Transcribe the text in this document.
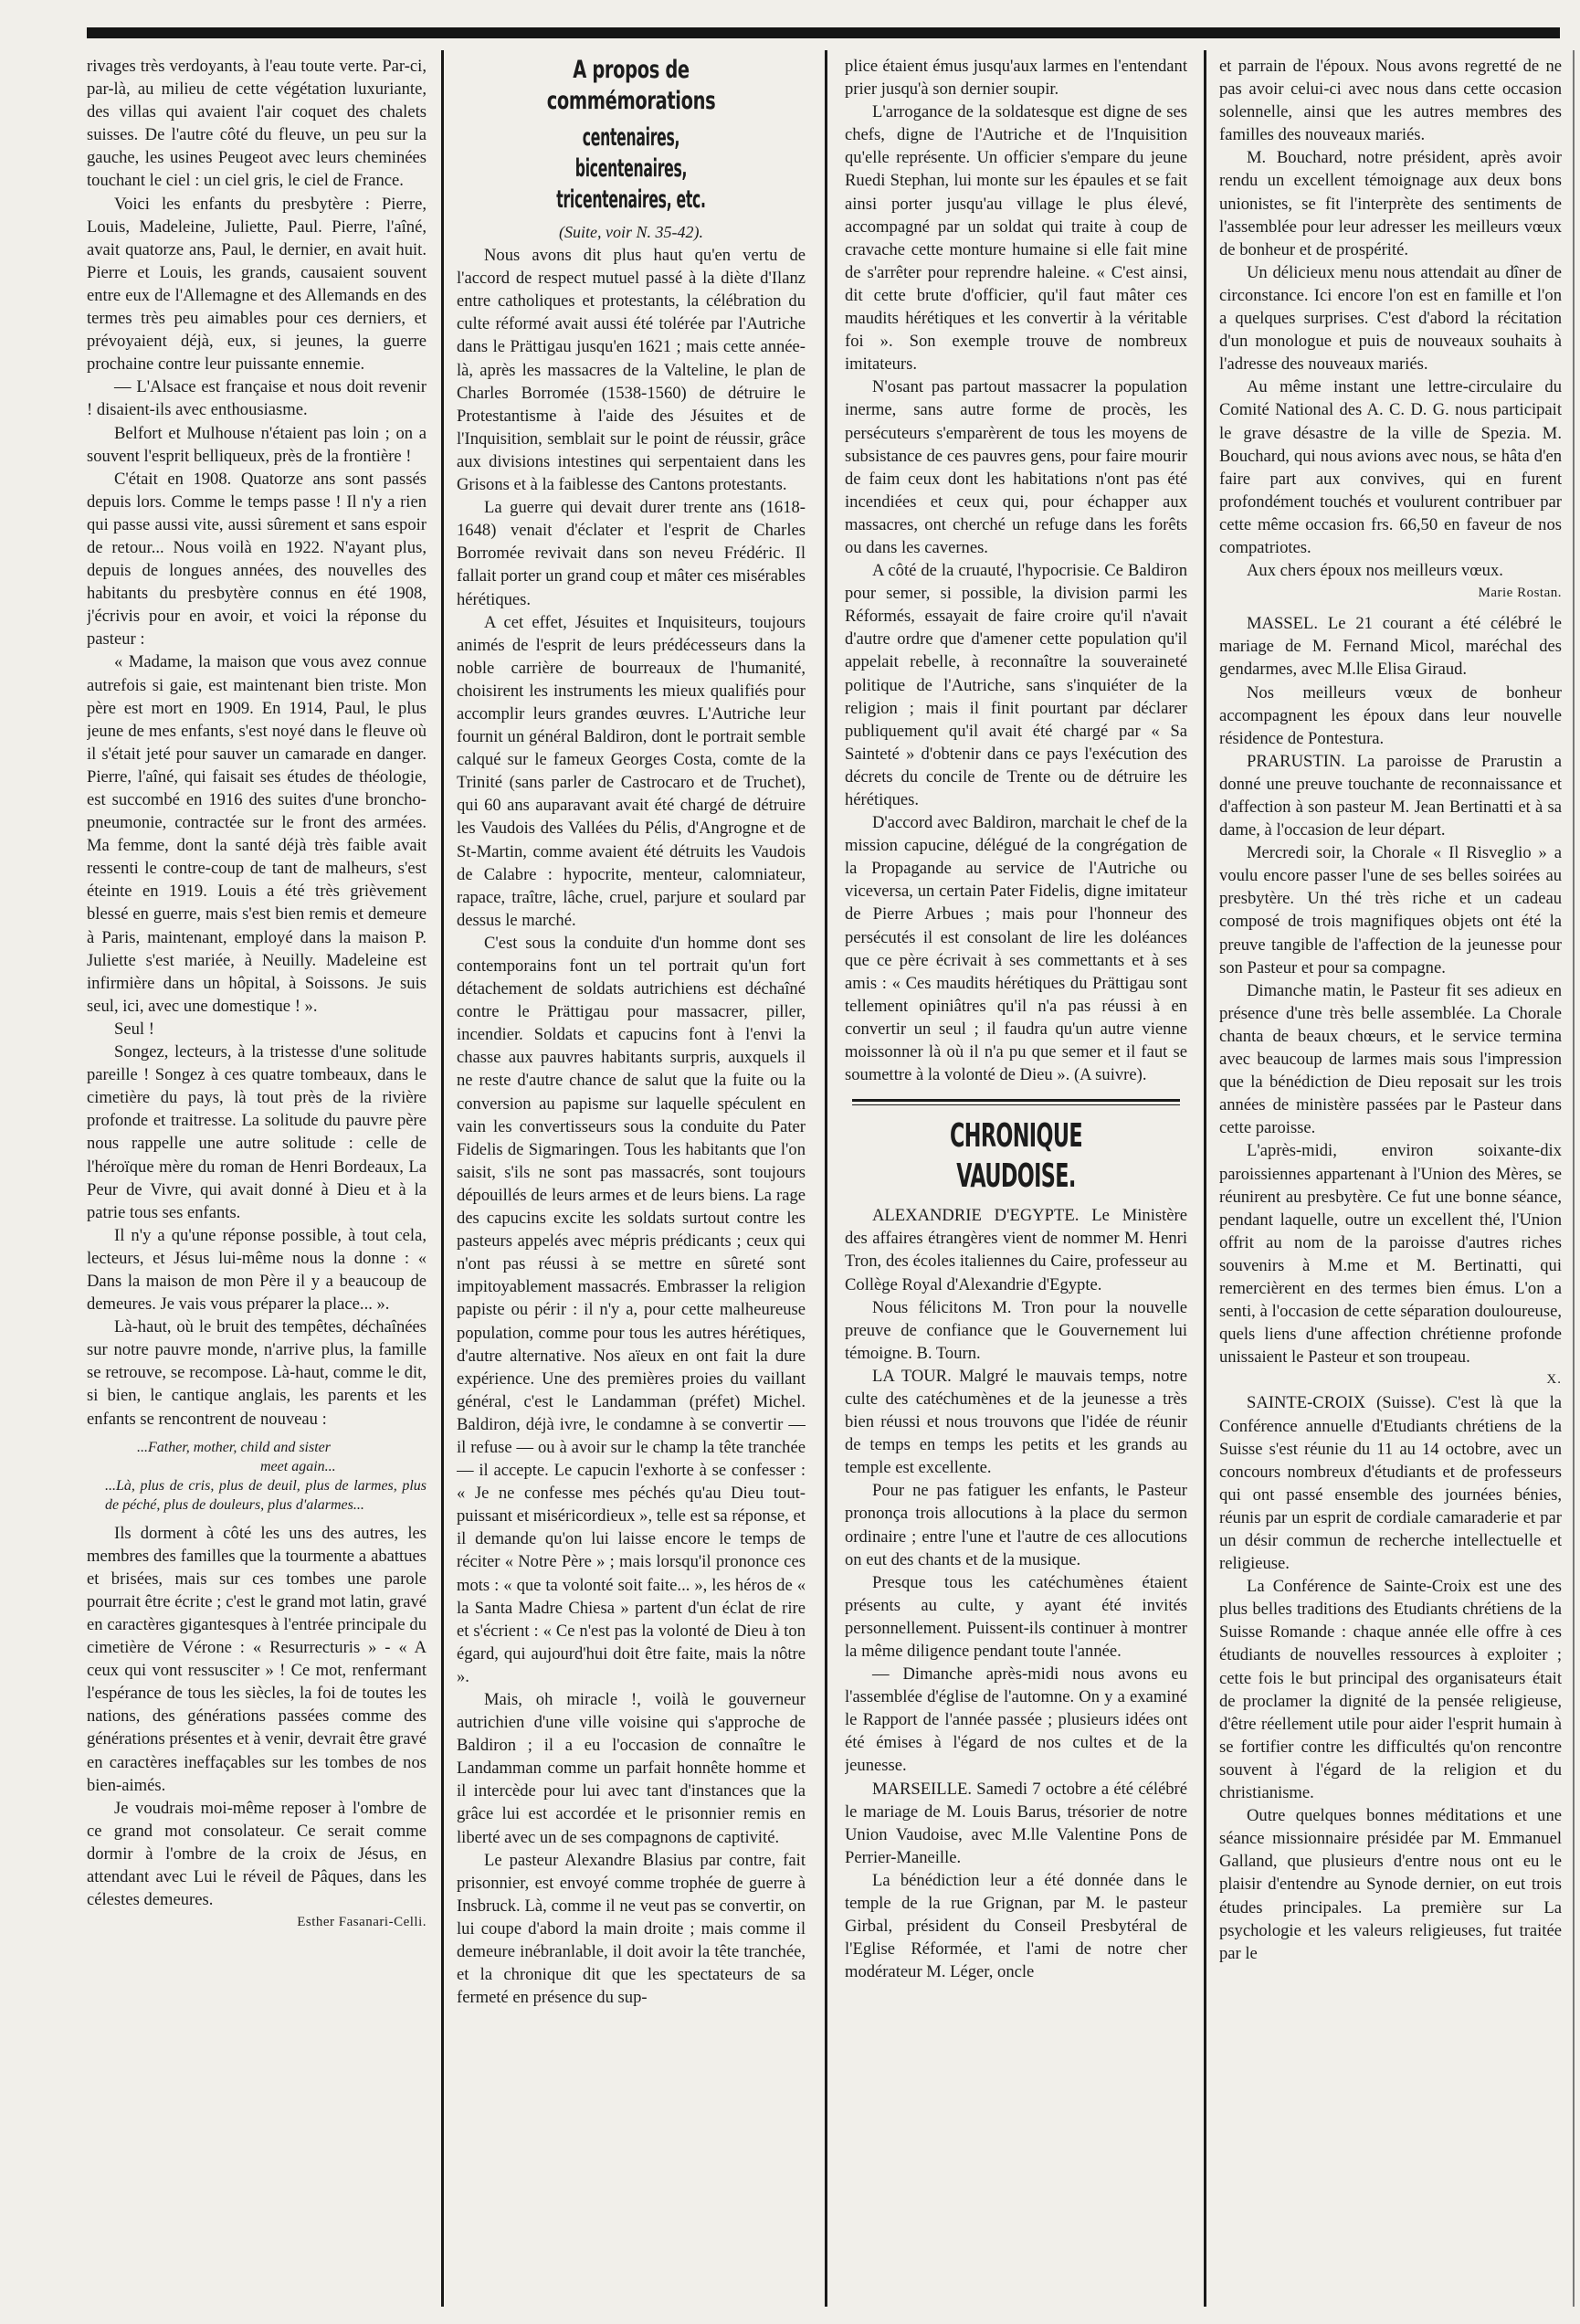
rivages très verdoyants, à l'eau toute verte. Par-ci, par-là, au milieu de cette végétation luxuriante, des villas qui avaient l'air coquet des chalets suisses. De l'autre côté du fleuve, un peu sur la gauche, les usines Peugeot avec leurs cheminées touchant le ciel : un ciel gris, le ciel de France.

Voici les enfants du presbytère : Pierre, Louis, Madeleine, Juliette, Paul. Pierre, l'aîné, avait quatorze ans, Paul, le dernier, en avait huit. Pierre et Louis, les grands, causaient souvent entre eux de l'Allemagne et des Allemands en des termes très peu aimables pour ces derniers, et prévoyaient déjà, eux, si jeunes, la guerre prochaine contre leur puissante ennemie.

— L'Alsace est française et nous doit revenir ! disaient-ils avec enthousiasme.

Belfort et Mulhouse n'étaient pas loin ; on a souvent l'esprit belliqueux, près de la frontière !

C'était en 1908. Quatorze ans sont passés depuis lors. Comme le temps passe ! Il n'y a rien qui passe aussi vite, aussi sûrement et sans espoir de retour... Nous voilà en 1922. N'ayant plus, depuis de longues années, des nouvelles des habitants du presbytère connus en été 1908, j'écrivis pour en avoir, et voici la réponse du pasteur :

« Madame, la maison que vous avez connue autrefois si gaie, est maintenant bien triste. Mon père est mort en 1909. En 1914, Paul, le plus jeune de mes enfants, s'est noyé dans le fleuve où il s'était jeté pour sauver un camarade en danger. Pierre, l'aîné, qui faisait ses études de théologie, est succombé en 1916 des suites d'une broncho-pneumonie, contractée sur le front des armées. Ma femme, dont la santé déjà très faible avait ressenti le contre-coup de tant de malheurs, s'est éteinte en 1919. Louis a été très grièvement blessé en guerre, mais s'est bien remis et demeure à Paris, maintenant, employé dans la maison P. Juliette s'est mariée, à Neuilly. Madeleine est infirmière dans un hôpital, à Soissons. Je suis seul, ici, avec une domestique ! ».

Seul !

Songez, lecteurs, à la tristesse d'une solitude pareille ! Songez à ces quatre tombeaux, dans le cimetière du pays, là tout près de la rivière profonde et traitresse. La solitude du pauvre père nous rappelle une autre solitude : celle de l'héroïque mère du roman de Henri Bordeaux, La Peur de Vivre, qui avait donné à Dieu et à la patrie tous ses enfants.

Il n'y a qu'une réponse possible, à tout cela, lecteurs, et Jésus lui-même nous la donne : « Dans la maison de mon Père il y a beaucoup de demeures. Je vais vous préparer la place... ».

Là-haut, où le bruit des tempêtes, déchaînées sur notre pauvre monde, n'arrive plus, la famille se retrouve, se recompose. Là-haut, comme le dit, si bien, le cantique anglais, les parents et les enfants se rencontrent de nouveau :

...Father, mother, child and sister

meet again...

...Là, plus de cris, plus de deuil, plus de larmes, plus de péché, plus de douleurs, plus d'alarmes...

Ils dorment à côté les uns des autres, les membres des familles que la tourmente a abattues et brisées, mais sur ces tombes une parole pourrait être écrite ; c'est le grand mot latin, gravé en caractères gigantesques à l'entrée principale du cimetière de Vérone : « Resurrecturis » - « A ceux qui vont ressusciter » ! Ce mot, renfermant l'espérance de tous les siècles, la foi de toutes les nations, des générations passées comme des générations présentes et à venir, devrait être gravé en caractères ineffaçables sur les tombes de nos bien-aimés.

Je voudrais moi-même reposer à l'ombre de ce grand mot consolateur. Ce serait comme dormir à l'ombre de la croix de Jésus, en attendant avec Lui le réveil de Pâques, dans les célestes demeures.

Esther Fasanari-Celli.

A propos de commémorations
centenaires, bicentenaires, tricentenaires, etc.

(Suite, voir N. 35-42).

Nous avons dit plus haut qu'en vertu de l'accord de respect mutuel passé à la diète d'Ilanz entre catholiques et protestants, la célébration du culte réformé avait aussi été tolérée par l'Autriche dans le Prättigau jusqu'en 1621 ; mais cette année-là, après les massacres de la Valteline, le plan de Charles Borromée (1538-1560) de détruire le Protestantisme à l'aide des Jésuites et de l'Inquisition, semblait sur le point de réussir, grâce aux divisions intestines qui serpentaient dans les Grisons et à la faiblesse des Cantons protestants.

La guerre qui devait durer trente ans (1618-1648) venait d'éclater et l'esprit de Charles Borromée revivait dans son neveu Frédéric. Il fallait porter un grand coup et mâter ces misérables hérétiques.

A cet effet, Jésuites et Inquisiteurs, toujours animés de l'esprit de leurs prédécesseurs dans la noble carrière de bourreaux de l'humanité, choisirent les instruments les mieux qualifiés pour accomplir leurs grandes œuvres. L'Autriche leur fournit un général Baldiron, dont le portrait semble calqué sur le fameux Georges Costa, comte de la Trinité (sans parler de Castrocaro et de Truchet), qui 60 ans auparavant avait été chargé de détruire les Vaudois des Vallées du Pélis, d'Angrogne et de St-Martin, comme avaient été détruits les Vaudois de Calabre : hypocrite, menteur, calomniateur, rapace, traître, lâche, cruel, parjure et soulard par dessus le marché.

C'est sous la conduite d'un homme dont ses contemporains font un tel portrait qu'un fort détachement de soldats autrichiens est déchaîné contre le Prättigau pour massacrer, piller, incendier. Soldats et capucins font à l'envi la chasse aux pauvres habitants surpris, auxquels il ne reste d'autre chance de salut que la fuite ou la conversion au papisme sur laquelle spéculent en vain les convertisseurs sous la conduite du Pater Fidelis de Sigmaringen. Tous les habitants que l'on saisit, s'ils ne sont pas massacrés, sont toujours dépouillés de leurs armes et de leurs biens. La rage des capucins excite les soldats surtout contre les pasteurs appelés avec mépris prédicants ; ceux qui n'ont pas réussi à se mettre en sûreté sont impitoyablement massacrés. Embrasser la religion papiste ou périr : il n'y a, pour cette malheureuse population, comme pour tous les autres hérétiques, d'autre alternative. Nos aïeux en ont fait la dure expérience. Une des premières proies du vaillant général, c'est le Landamman (préfet) Michel. Baldiron, déjà ivre, le condamne à se convertir — il refuse — ou à avoir sur le champ la tête tranchée — il accepte. Le capucin l'exhorte à se confesser : « Je ne confesse mes péchés qu'au Dieu tout-puissant et miséricordieux », telle est sa réponse, et il demande qu'on lui laisse encore le temps de réciter « Notre Père » ; mais lorsqu'il prononce ces mots : « que ta volonté soit faite... », les héros de « la Santa Madre Chiesa » partent d'un éclat de rire et s'écrient : « Ce n'est pas la volonté de Dieu à ton égard, qui aujourd'hui doit être faite, mais la nôtre ».

Mais, oh miracle !, voilà le gouverneur autrichien d'une ville voisine qui s'approche de Baldiron ; il a eu l'occasion de connaître le Landamman comme un parfait honnête homme et il intercède pour lui avec tant d'instances que la grâce lui est accordée et le prisonnier remis en liberté avec un de ses compagnons de captivité.

Le pasteur Alexandre Blasius par contre, fait prisonnier, est envoyé comme trophée de guerre à Insbruck. Là, comme il ne veut pas se convertir, on lui coupe d'abord la main droite ; mais comme il demeure inébranlable, il doit avoir la tête tranchée, et la chronique dit que les spectateurs de sa fermeté en présence du sup-

plice étaient émus jusqu'aux larmes en l'entendant prier jusqu'à son dernier soupir.

L'arrogance de la soldatesque est digne de ses chefs, digne de l'Autriche et de l'Inquisition qu'elle représente. Un officier s'empare du jeune Ruedi Stephan, lui monte sur les épaules et se fait ainsi porter jusqu'au village le plus élevé, accompagné par un soldat qui traite à coup de cravache cette monture humaine si elle fait mine de s'arrêter pour reprendre haleine. « C'est ainsi, dit cette brute d'officier, qu'il faut mâter ces maudits hérétiques et les convertir à la véritable foi ». Son exemple trouve de nombreux imitateurs.

N'osant pas partout massacrer la population inerme, sans autre forme de procès, les persécuteurs s'emparèrent de tous les moyens de subsistance de ces pauvres gens, pour faire mourir de faim ceux dont les habitations n'ont pas été incendiées et ceux qui, pour échapper aux massacres, ont cherché un refuge dans les forêts ou dans les cavernes.

A côté de la cruauté, l'hypocrisie. Ce Baldiron pour semer, si possible, la division parmi les Réformés, essayait de faire croire qu'il n'avait d'autre ordre que d'amener cette population qu'il appelait rebelle, à reconnaître la souveraineté politique de l'Autriche, sans s'inquiéter de la religion ; mais il finit pourtant par déclarer publiquement qu'il avait été chargé par « Sa Sainteté » d'obtenir dans ce pays l'exécution des décrets du concile de Trente ou de détruire les hérétiques.

D'accord avec Baldiron, marchait le chef de la mission capucine, délégué de la congrégation de la Propagande au service de l'Autriche ou viceversa, un certain Pater Fidelis, digne imitateur de Pierre Arbues ; mais pour l'honneur des persécutés il est consolant de lire les doléances que ce père écrivait à ses commettants et à ses amis : « Ces maudits hérétiques du Prättigau sont tellement opiniâtres qu'il n'a pas réussi à en convertir un seul ; il faudra qu'un autre vienne moissonner là où il n'a pu que semer et il faut se soumettre à la volonté de Dieu ». (A suivre).

CHRONIQUE VAUDOISE.

ALEXANDRIE D'EGYPTE. Le Ministère des affaires étrangères vient de nommer M. Henri Tron, des écoles italiennes du Caire, professeur au Collège Royal d'Alexandrie d'Egypte.

Nous félicitons M. Tron pour la nouvelle preuve de confiance que le Gouvernement lui témoigne. B. Tourn.

LA TOUR. Malgré le mauvais temps, notre culte des catéchumènes et de la jeunesse a très bien réussi et nous trouvons que l'idée de réunir de temps en temps les petits et les grands au temple est excellente.

Pour ne pas fatiguer les enfants, le Pasteur prononça trois allocutions à la place du sermon ordinaire ; entre l'une et l'autre de ces allocutions on eut des chants et de la musique.

Presque tous les catéchumènes étaient présents au culte, y ayant été invités personnellement. Puissent-ils continuer à montrer la même diligence pendant toute l'année.

— Dimanche après-midi nous avons eu l'assemblée d'église de l'automne. On y a examiné le Rapport de l'année passée ; plusieurs idées ont été émises à l'égard de nos cultes et de la jeunesse.

MARSEILLE. Samedi 7 octobre a été célébré le mariage de M. Louis Barus, trésorier de notre Union Vaudoise, avec M.lle Valentine Pons de Perrier-Maneille.

La bénédiction leur a été donnée dans le temple de la rue Grignan, par M. le pasteur Girbal, président du Conseil Presbytéral de l'Eglise Réformée, et l'ami de notre cher modérateur M. Léger, oncle

et parrain de l'époux. Nous avons regretté de ne pas avoir celui-ci avec nous dans cette occasion solennelle, ainsi que les autres membres des familles des nouveaux mariés.

M. Bouchard, notre président, après avoir rendu un excellent témoignage aux deux bons unionistes, se fit l'interprète des sentiments de l'assemblée pour leur adresser les meilleurs vœux de bonheur et de prospérité.

Un délicieux menu nous attendait au dîner de circonstance. Ici encore l'on est en famille et l'on a quelques surprises. C'est d'abord la récitation d'un monologue et puis de nouveaux souhaits à l'adresse des nouveaux mariés.

Au même instant une lettre-circulaire du Comité National des A. C. D. G. nous participait le grave désastre de la ville de Spezia. M. Bouchard, qui nous avions avec nous, se hâta d'en faire part aux convives, qui en furent profondément touchés et voulurent contribuer par cette même occasion frs. 66,50 en faveur de nos compatriotes.

Aux chers époux nos meilleurs vœux.

Marie Rostan.

MASSEL. Le 21 courant a été célébré le mariage de M. Fernand Micol, maréchal des gendarmes, avec M.lle Elisa Giraud.

Nos meilleurs vœux de bonheur accompagnent les époux dans leur nouvelle résidence de Pontestura.

PRARUSTIN. La paroisse de Prarustin a donné une preuve touchante de reconnaissance et d'affection à son pasteur M. Jean Bertinatti et à sa dame, à l'occasion de leur départ.

Mercredi soir, la Chorale « Il Risveglio » a voulu encore passer l'une de ses belles soirées au presbytère. Un thé très riche et un cadeau composé de trois magnifiques objets ont été la preuve tangible de l'affection de la jeunesse pour son Pasteur et pour sa compagne.

Dimanche matin, le Pasteur fit ses adieux en présence d'une très belle assemblée. La Chorale chanta de beaux chœurs, et le service termina avec beaucoup de larmes mais sous l'impression que la bénédiction de Dieu reposait sur les trois années de ministère passées par le Pasteur dans cette paroisse.

L'après-midi, environ soixante-dix paroissiennes appartenant à l'Union des Mères, se réunirent au presbytère. Ce fut une bonne séance, pendant laquelle, outre un excellent thé, l'Union offrit au nom de la paroisse d'autres riches souvenirs à M.me et M. Bertinatti, qui remercièrent en des termes bien émus. L'on a senti, à l'occasion de cette séparation douloureuse, quels liens d'une affection chrétienne profonde unissaient le Pasteur et son troupeau.

X.

SAINTE-CROIX (Suisse). C'est là que la Conférence annuelle d'Etudiants chrétiens de la Suisse s'est réunie du 11 au 14 octobre, avec un concours nombreux d'étudiants et de professeurs qui ont passé ensemble des journées bénies, réunis par un esprit de cordiale camaraderie et par un désir commun de recherche intellectuelle et religieuse.

La Conférence de Sainte-Croix est une des plus belles traditions des Etudiants chrétiens de la Suisse Romande : chaque année elle offre à ces étudiants de nouvelles ressources à exploiter ; cette fois le but principal des organisateurs était de proclamer la dignité de la pensée religieuse, d'être réellement utile pour aider l'esprit humain à se fortifier contre les difficultés qu'on rencontre souvent à l'égard de la religion et du christianisme.

Outre quelques bonnes méditations et une séance missionnaire présidée par M. Emmanuel Galland, que plusieurs d'entre nous ont eu le plaisir d'entendre au Synode dernier, on eut trois études principales. La première sur La psychologie et les valeurs religieuses, fut traitée par le
